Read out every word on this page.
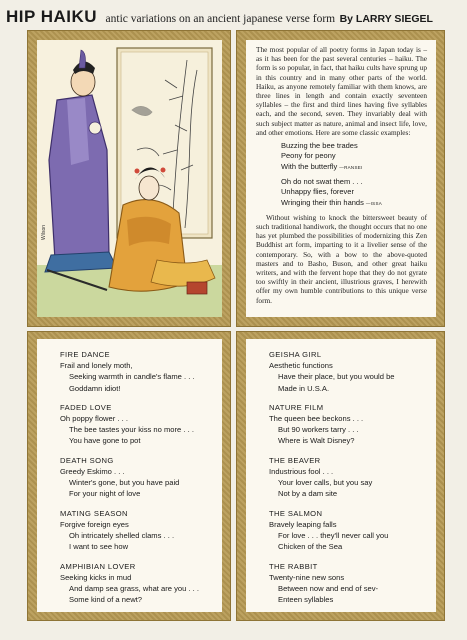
HIP HAIKU antic variations on an ancient japanese verse form By LARRY SIEGEL
Wilson

The most popular of all poetry forms in Japan today is – as it has been for the past several centuries – haiku. The form is so popular, in fact, that haiku cults have sprung up in this country and in many other parts of the world. Haiku, as anyone remotely familiar with them knows, are three lines in length and contain exactly seventeen syllables – the first and third lines having five syllables each, and the second, seven. They invariably deal with such subject matter as nature, animal and insect life, love, and other emotions. Here are some classic examples:

Buzzing the bee trades
Peony for peony
With the butterfly —RANSEI
Oh do not swat them . . .
Unhappy flies, forever
Wringing their thin hands —ISSA

Without wishing to knock the bittersweet beauty of such traditional handiwork, the thought occurs that no one has yet plumbed the possibilities of modernizing this Zen Buddhist art form, imparting to it a livelier sense of the contemporary. So, with a bow to the above-quoted masters and to Basho, Buson, and other great haiku writers, and with the fervent hope that they do not gyrate too swiftly in their ancient, illustrious graves, I herewith offer my own humble contributions to this unique verse form.

FIRE DANCE
Frail and lonely moth,
Seeking warmth in candle's flame . . .
Goddamn idiot!
FADED LOVE
Oh poppy flower . . .
The bee tastes your kiss no more . . .
You have gone to pot
DEATH SONG
Greedy Eskimo . . .
Winter's gone, but you have paid
For your night of love
MATING SEASON
Forgive foreign eyes
Oh intricately shelled clams . . .
I want to see how
AMPHIBIAN LOVER
Seeking kicks in mud
And damp sea grass, what are you . . .
Some kind of a newt?
GEISHA GIRL
Aesthetic functions
Have their place, but you would be
Made in U.S.A.
NATURE FILM
The queen bee beckons . . .
But 90 workers tarry . . .
Where is Walt Disney?
THE BEAVER
Industrious fool . . .
Your lover calls, but you say
Not by a dam site
THE SALMON
Bravely leaping falls
For love . . . they'll never call you
Chicken of the Sea
THE RABBIT
Twenty-nine new sons
Between now and end of sev-
Enteen syllables
